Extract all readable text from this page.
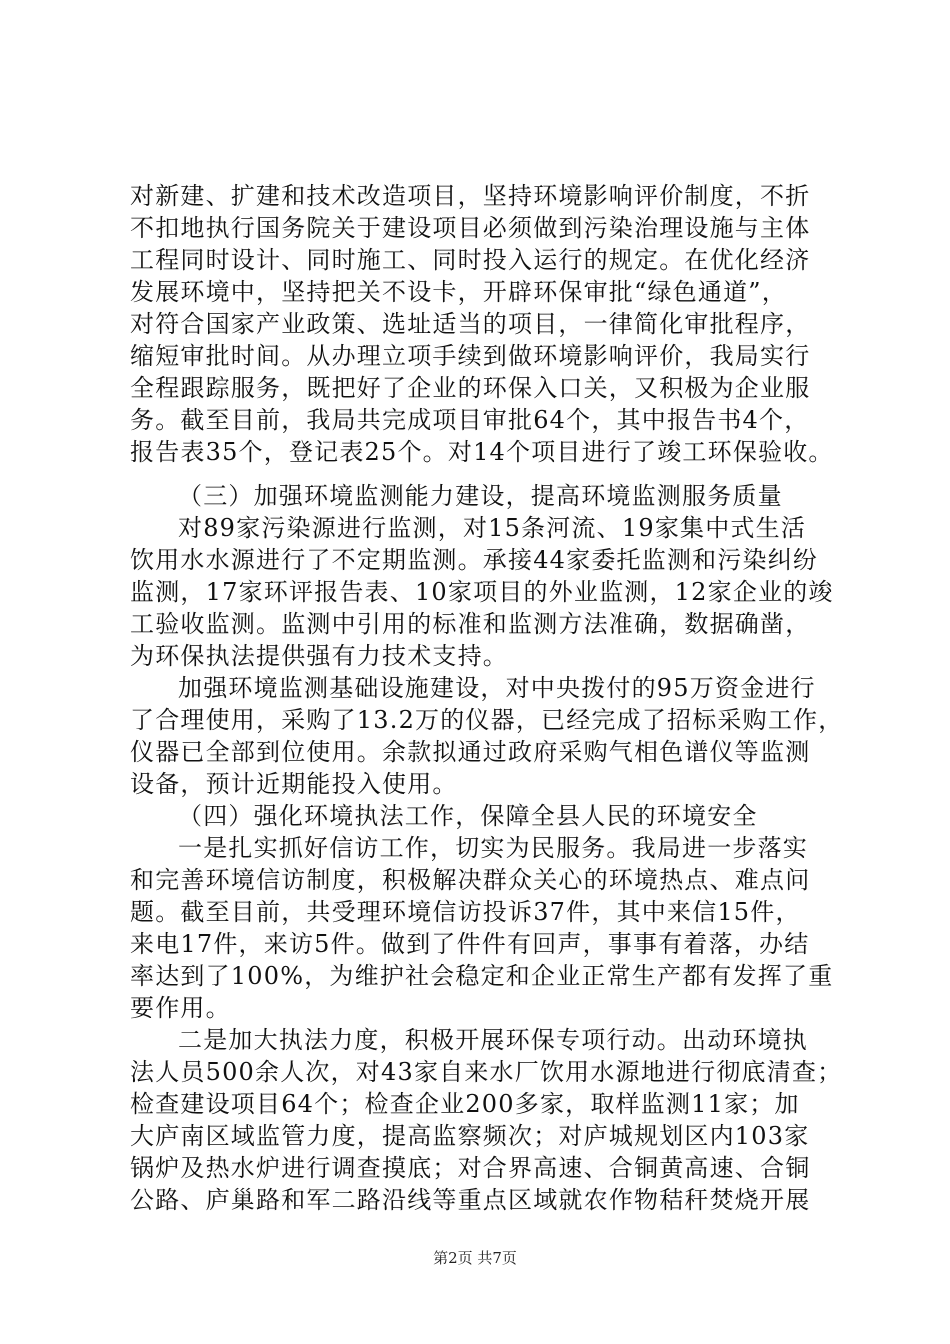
对新建、扩建和技术改造项目，坚持环境影响评价制度，不折
不扣地执行国务院关于建设项目必须做到污染治理设施与主体
工程同时设计、同时施工、同时投入运行的规定。在优化经济
发展环境中，坚持把关不设卡，开辟环保审批“绿色通道”，
对符合国家产业政策、选址适当的项目，一律简化审批程序，
缩短审批时间。从办理立项手续到做环境影响评价，我局实行
全程跟踪服务，既把好了企业的环保入口关，又积极为企业服
务。截至目前，我局共完成项目审批64个，其中报告书4个，
报告表35个，登记表25个。对14个项目进行了竣工环保验收。
（三）加强环境监测能力建设，提高环境监测服务质量
对89家污染源进行监测，对15条河流、19家集中式生活
饮用水水源进行了不定期监测。承接44家委托监测和污染纠纷
监测，17家环评报告表、10家项目的外业监测，12家企业的竣
工验收监测。监测中引用的标准和监测方法准确，数据确凿，
为环保执法提供强有力技术支持。
加强环境监测基础设施建设，对中央拨付的95万资金进行
了合理使用，采购了13.2万的仪器，已经完成了招标采购工作，
仪器已全部到位使用。余款拟通过政府采购气相色谱仪等监测
设备，预计近期能投入使用。
（四）强化环境执法工作，保障全县人民的环境安全
一是扎实抓好信访工作，切实为民服务。我局进一步落实
和完善环境信访制度，积极解决群众关心的环境热点、难点问
题。截至目前，共受理环境信访投诉37件，其中来信15件，
来电17件，来访5件。做到了件件有回声，事事有着落，办结
率达到了100%，为维护社会稳定和企业正常生产都有发挥了重
要作用。
二是加大执法力度，积极开展环保专项行动。出动环境执
法人员500余人次，对43家自来水厂饮用水源地进行彻底清查；
检查建设项目64个；检查企业200多家，取样监测11家；加
大庐南区域监管力度，提高监察频次；对庐城规划区内103家
锅炉及热水炉进行调查摸底；对合界高速、合铜黄高速、合铜
公路、庐巢路和军二路沿线等重点区域就农作物秸秆焚烧开展
第2页 共7页
